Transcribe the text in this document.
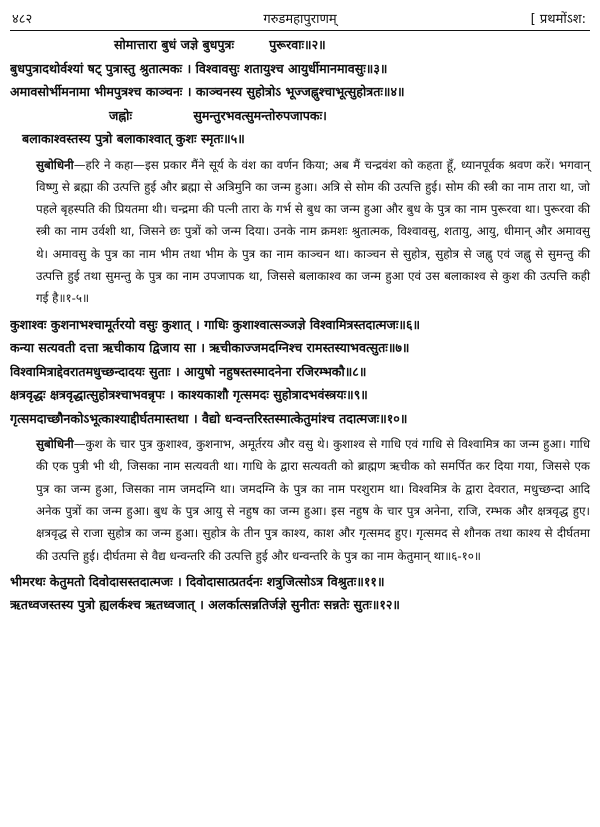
४८२	गरुडमहापुराणम्	[ प्रथमोंऽश:
सोमात्तारा बुधं जज्ञे बुधपुत्रः	पुरूरवाः॥२॥
बुधपुत्रादथोर्वश्यां षट् पुत्रास्तु श्रुतात्मकः । विश्वावसुः शतायुश्च आयुर्धीमानमावसुः॥३॥
अमावसोर्भीमनामा भीमपुत्रश्च काञ्चनः । काञ्चनस्य सुहोत्रोऽ भूज्जह्नुश्चाभूत्सुहोत्रतः॥४॥
जह्नोः	सुमन्तुरभवत्सुमन्तोरुपजापकः।
बलाकाश्वस्तस्य पुत्रो बलाकाश्वात् कुशः स्मृतः॥५॥
सुबोधिनी—हरि ने कहा—इस प्रकार मैंने सूर्य के वंश का वर्णन किया; अब मैं चन्द्रवंश को कहता हूँ, ध्यानपूर्वक श्रवण करें। भगवान् विष्णु से ब्रह्मा की उत्पत्ति हुई और ब्रह्मा से अत्रिमुनि का जन्म हुआ। अत्रि से सोम की उत्पत्ति हुई। सोम की स्त्री का नाम तारा था, जो पहले बृहस्पति की प्रियतमा थी। चन्द्रमा की पत्नी तारा के गर्भ से बुध का जन्म हुआ और बुध के पुत्र का नाम पुरूरवा था। पुरूरवा की स्त्री का नाम उर्वशी था, जिसने छः पुत्रों को जन्म दिया। उनके नाम क्रमशः श्रुतात्मक, विश्वावसु, शतायु, आयु, धीमान् और अमावसु थे। अमावसु के पुत्र का नाम भीम तथा भीम के पुत्र का नाम काञ्चन था। काञ्चन से सुहोत्र, सुहोत्र से जह्नु एवं जह्नु से सुमन्तु की उत्पत्ति हुई तथा सुमन्तु के पुत्र का नाम उपजापक था, जिससे बलाकाश्व का जन्म हुआ एवं उस बलाकाश्व से कुश की उत्पत्ति कही गई है॥१-५॥
कुशाश्वः कुशनाभश्चामूर्तरयो वसुः कुशात् । गाधिः कुशाश्वात्सञ्जज्ञे विश्वामित्रस्तदात्मजः॥६॥
कन्या सत्यवती दत्ता ऋचीकाय द्विजाय सा । ऋचीकाज्जमदग्निश्च रामस्तस्याभवत्सुतः॥७॥
विश्वामित्राद्देवरातमधुच्छन्दादयः सुताः । आयुषो नहुषस्तस्मादनेना रजिरम्भकौ॥८॥
क्षत्रवृद्धः क्षत्रवृद्धात्सुहोत्रश्चाभवन्नृपः । काश्यकाशौ गृत्समदः सुहोत्रादभवंस्त्रयः॥९॥
गृत्समदाच्छौनकोऽभूत्काश्याद्दीर्घतमास्तथा । वैद्यो धन्वन्तरिस्तस्मात्केतुमांश्च तदात्मजः॥१०॥
सुबोधिनी—कुश के चार पुत्र कुशाश्व, कुशनाभ, अमूर्तरय और वसु थे। कुशाश्व से गाधि एवं गाधि से विश्वामित्र का जन्म हुआ। गाधि की एक पुत्री भी थी, जिसका नाम सत्यवती था। गाधि के द्वारा सत्यवती को ब्राह्मण ऋचीक को समर्पित कर दिया गया, जिससे एक पुत्र का जन्म हुआ, जिसका नाम जमदग्नि था। जमदग्नि के पुत्र का नाम परशुराम था। विश्वमित्र के द्वारा देवरात, मधुच्छन्दा आदि अनेक पुत्रों का जन्म हुआ। बुध के पुत्र आयु से नहुष का जन्म हुआ। इस नहुष के चार पुत्र अनेना, राजि, रम्भक और क्षत्रवृद्ध हुए। क्षत्रवृद्ध से राजा सुहोत्र का जन्म हुआ। सुहोत्र के तीन पुत्र काश्य, काश और गृत्समद हुए। गृत्समद से शौनक तथा काश्य से दीर्घतमा की उत्पत्ति हुई। दीर्घतमा से वैद्य धन्वन्तरि की उत्पत्ति हुई और धन्वन्तरि के पुत्र का नाम केतुमान् था॥६-१०॥
भीमरथः केतुमतो दिवोदासस्तदात्मजः । दिवोदासात्प्रतर्दनः शत्रुजित्सोऽत्र विश्रुतः॥११॥
ऋतध्वजस्तस्य पुत्रो ह्यलर्कश्च ऋतध्वजात् । अलर्कात्सन्नतिर्जज्ञे सुनीतः सन्नतेः सुतः॥१२॥
